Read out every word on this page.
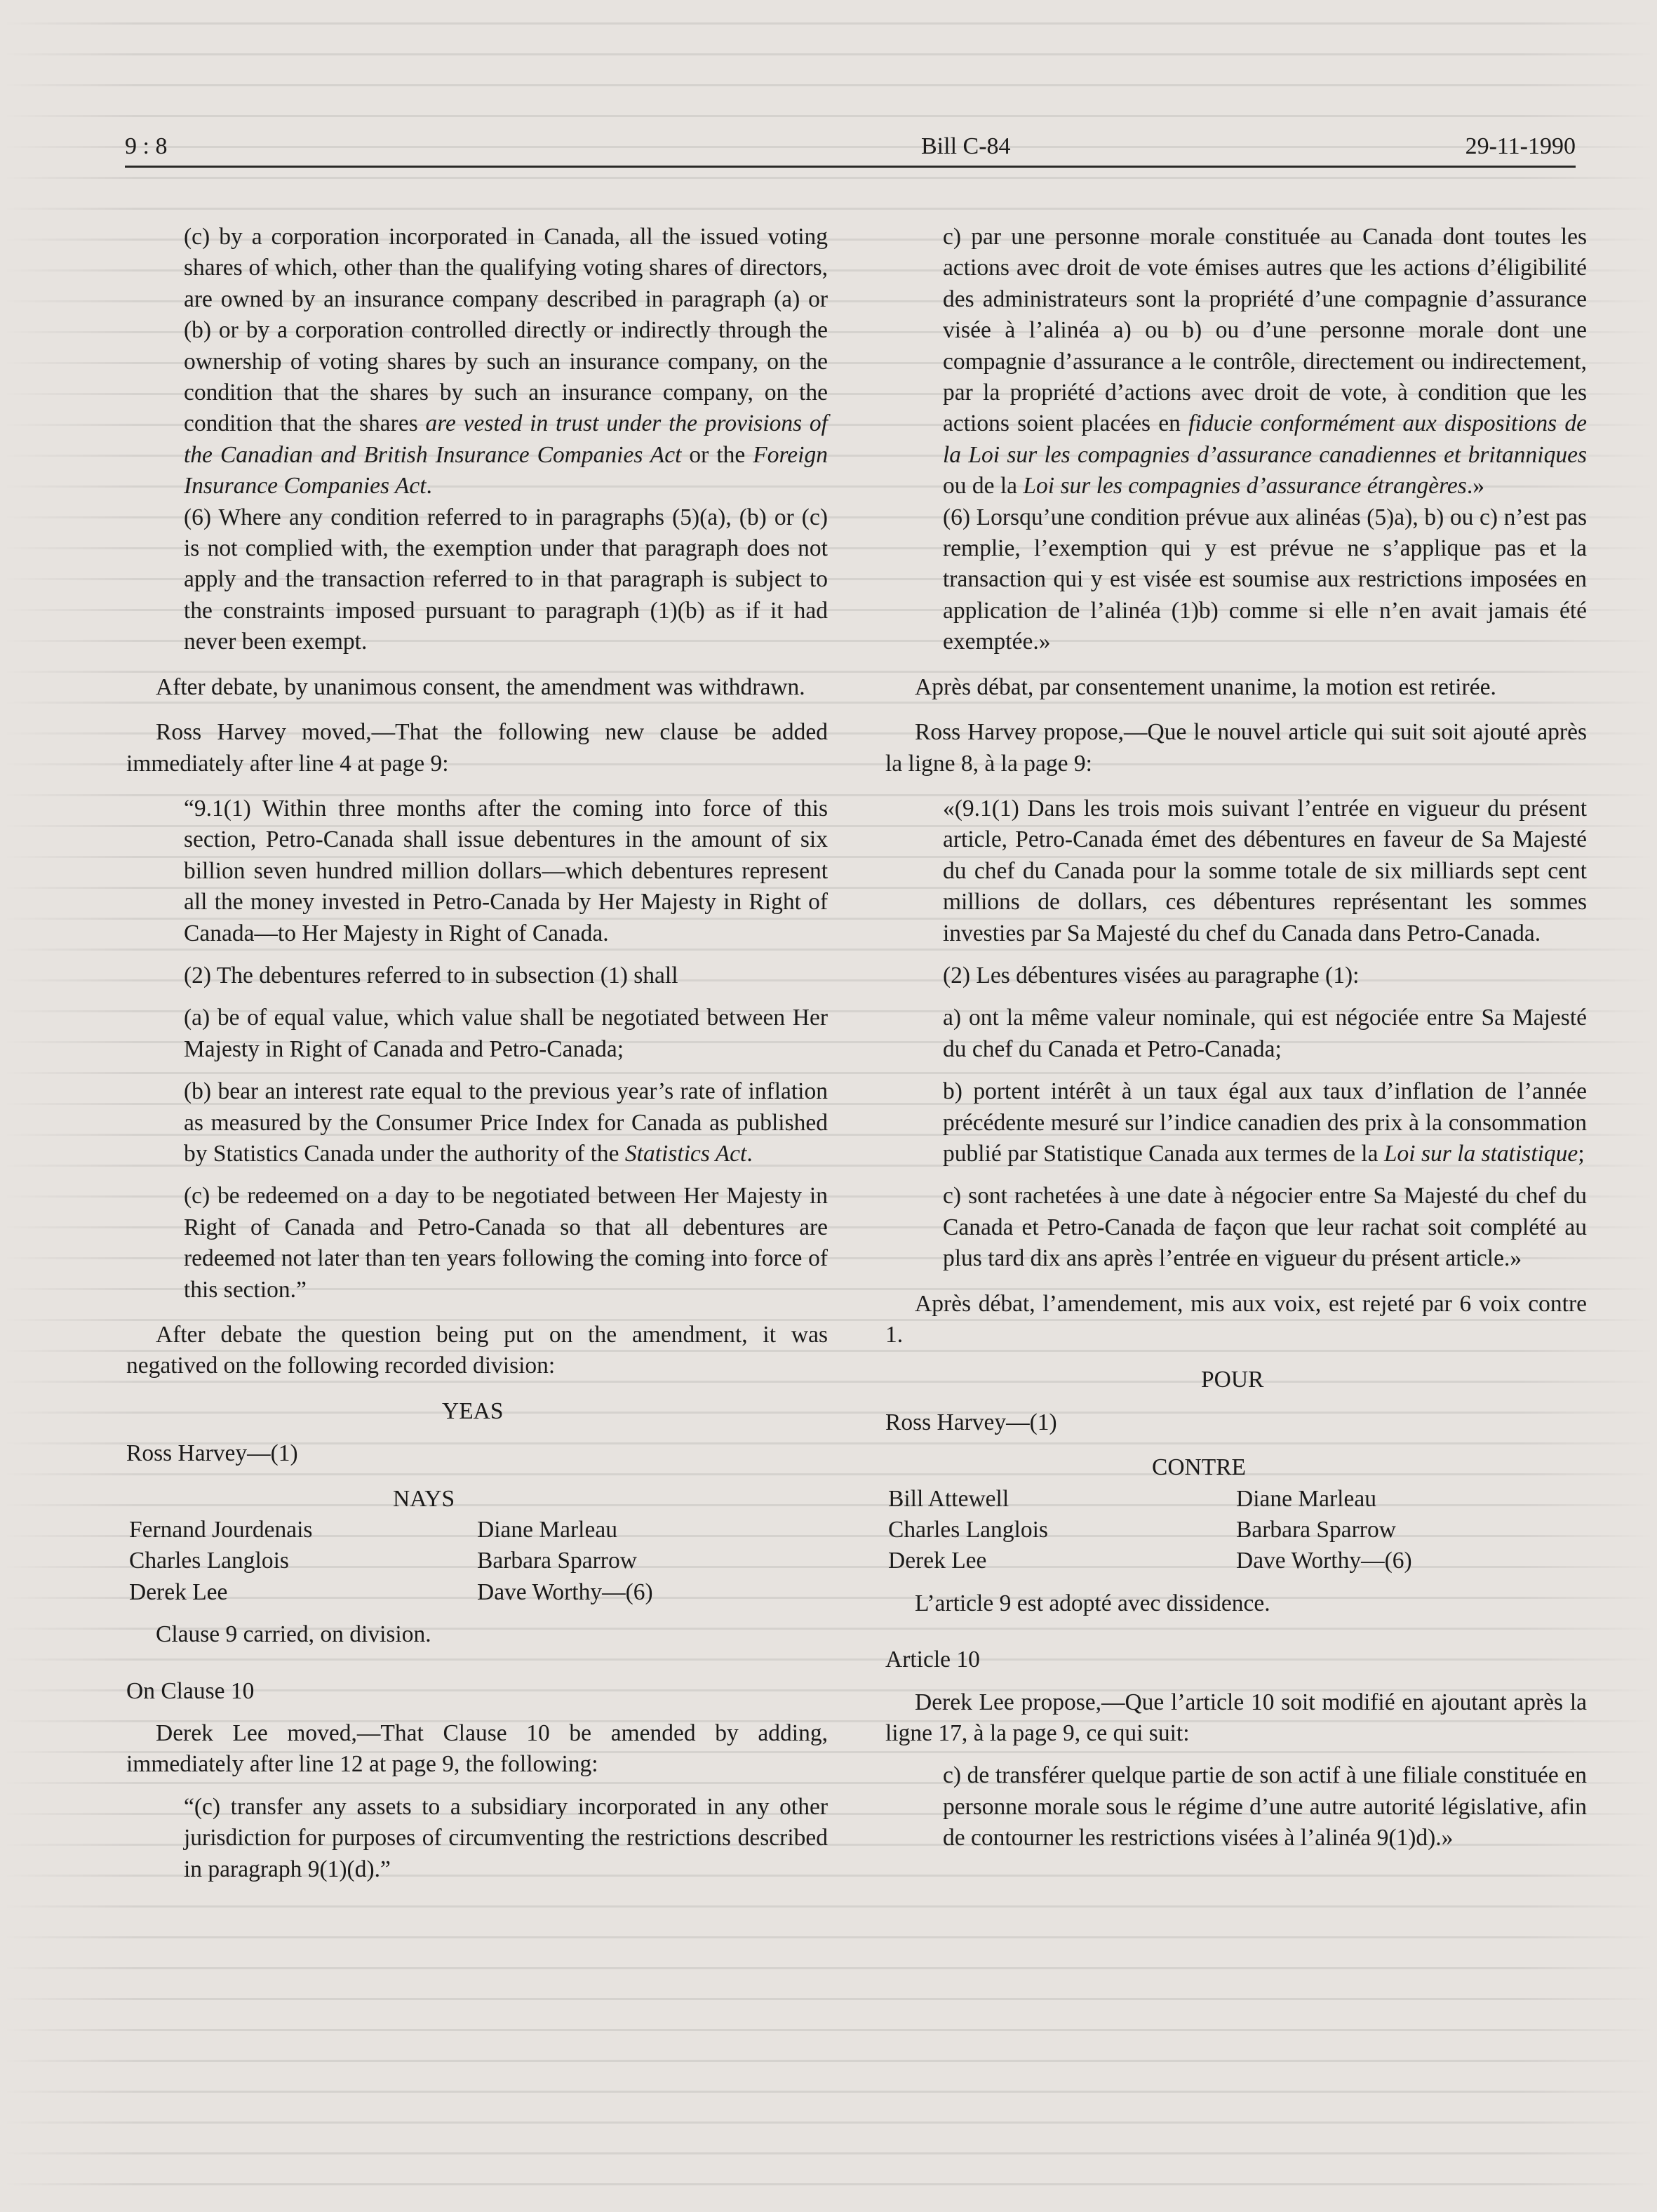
9 : 8	Bill C-84	29-11-1990

(c) by a corporation incorporated in Canada, all the issued voting shares of which, other than the qualifying voting shares of directors, are owned by an insurance company described in paragraph (a) or (b) or by a corporation controlled directly or indirectly through the ownership of voting shares by such an insurance company, on the condition that the shares by such an insurance company, on the condition that the shares are vested in trust under the provisions of the Canadian and British Insurance Companies Act or the Foreign Insurance Companies Act.

(6) Where any condition referred to in paragraphs (5)(a), (b) or (c) is not complied with, the exemption under that paragraph does not apply and the transaction referred to in that paragraph is subject to the constraints imposed pursuant to paragraph (1)(b) as if it had never been exempt.

After debate, by unanimous consent, the amendment was withdrawn.

Ross Harvey moved,—That the following new clause be added immediately after line 4 at page 9:

“9.1(1) Within three months after the coming into force of this section, Petro-Canada shall issue debentures in the amount of six billion seven hundred million dollars—which debentures represent all the money invested in Petro-Canada by Her Majesty in Right of Canada—to Her Majesty in Right of Canada.

(2) The debentures referred to in subsection (1) shall

(a) be of equal value, which value shall be negotiated between Her Majesty in Right of Canada and Petro-Canada;

(b) bear an interest rate equal to the previous year’s rate of inflation as measured by the Consumer Price Index for Canada as published by Statistics Canada under the authority of the Statistics Act.

(c) be redeemed on a day to be negotiated between Her Majesty in Right of Canada and Petro-Canada so that all debentures are redeemed not later than ten years following the coming into force of this section.”

After debate the question being put on the amendment, it was negatived on the following recorded division:

YEAS

Ross Harvey—(1)

NAYS

Fernand Jourdenais	Diane Marleau
Charles Langlois	Barbara Sparrow
Derek Lee	Dave Worthy—(6)

Clause 9 carried, on division.

On Clause 10

Derek Lee moved,—That Clause 10 be amended by adding, immediately after line 12 at page 9, the following:

“(c) transfer any assets to a subsidiary incorporated in any other jurisdiction for purposes of circumventing the restrictions described in paragraph 9(1)(d).”

c) par une personne morale constituée au Canada dont toutes les actions avec droit de vote émises autres que les actions d’éligibilité des administrateurs sont la propriété d’une compagnie d’assurance visée à l’alinéa a) ou b) ou d’une personne morale dont une compagnie d’assurance a le contrôle, directement ou indirectement, par la propriété d’actions avec droit de vote, à condition que les actions soient placées en fiducie conformément aux dispositions de la Loi sur les compagnies d’assurance canadiennes et britanniques ou de la Loi sur les compagnies d’assurance étrangères.»

(6) Lorsqu’une condition prévue aux alinéas (5)a), b) ou c) n’est pas remplie, l’exemption qui y est prévue ne s’applique pas et la transaction qui y est visée est soumise aux restrictions imposées en application de l’alinéa (1)b) comme si elle n’en avait jamais été exemptée.»

Après débat, par consentement unanime, la motion est retirée.

Ross Harvey propose,—Que le nouvel article qui suit soit ajouté après la ligne 8, à la page 9:

«(9.1(1) Dans les trois mois suivant l’entrée en vigueur du présent article, Petro-Canada émet des débentures en faveur de Sa Majesté du chef du Canada pour la somme totale de six milliards sept cent millions de dollars, ces débentures représentant les sommes investies par Sa Majesté du chef du Canada dans Petro-Canada.

(2) Les débentures visées au paragraphe (1):

a) ont la même valeur nominale, qui est négociée entre Sa Majesté du chef du Canada et Petro-Canada;

b) portent intérêt à un taux égal aux taux d’inflation de l’année précédente mesuré sur l’indice canadien des prix à la consommation publié par Statistique Canada aux termes de la Loi sur la statistique;

c) sont rachetées à une date à négocier entre Sa Majesté du chef du Canada et Petro-Canada de façon que leur rachat soit complété au plus tard dix ans après l’entrée en vigueur du présent article.»

Après débat, l’amendement, mis aux voix, est rejeté par 6 voix contre 1.

POUR

Ross Harvey—(1)

CONTRE

Bill Attewell	Diane Marleau
Charles Langlois	Barbara Sparrow
Derek Lee	Dave Worthy—(6)

L’article 9 est adopté avec dissidence.

Article 10

Derek Lee propose,—Que l’article 10 soit modifié en ajoutant après la ligne 17, à la page 9, ce qui suit:

c) de transférer quelque partie de son actif à une filiale constituée en personne morale sous le régime d’une autre autorité législative, afin de contourner les restrictions visées à l’alinéa 9(1)d).»
